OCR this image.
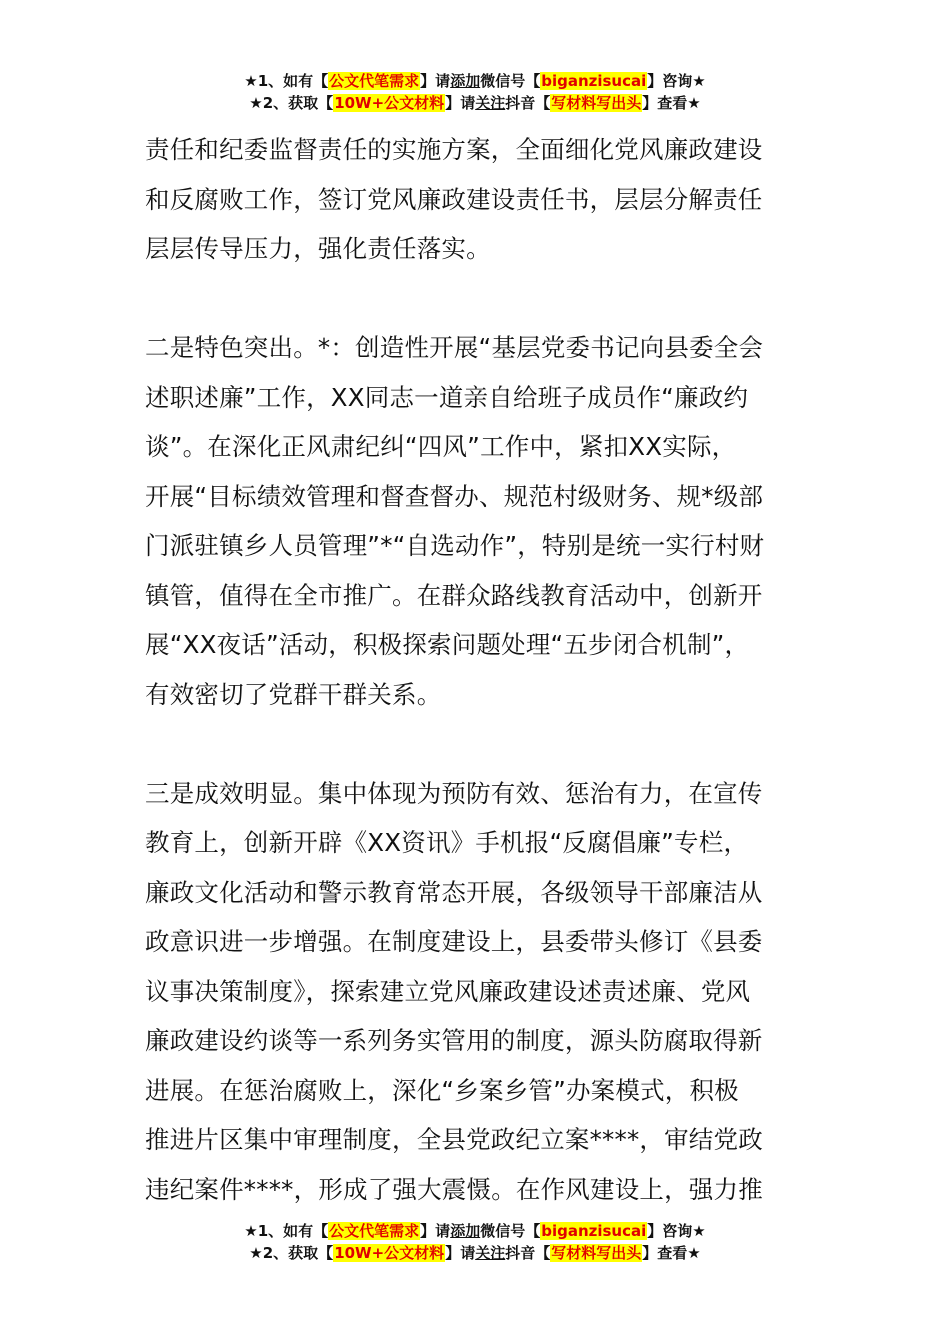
★1、如有【公文代笔需求】请添加微信号【biganzisucai】咨询★
★2、获取【10W+公文材料】请关注抖音【写材料写出头】查看★
责任和纪委监督责任的实施方案，全面细化党风廉政建设
和反腐败工作，签订党风廉政建设责任书，层层分解责任
层层传导压力，强化责任落实。
二是特色突出。*：创造性开展“基层党委书记向县委全会
述职述廉”工作，XX同志一道亲自给班子成员作“廉政约
谈”。在深化正风肃纪纠“四风”工作中，紧扣XX实际，
开展“目标绩效管理和督查督办、规范村级财务、规*级部
门派驻镇乡人员管理”*“自选动作”，特别是统一实行村财
镇管，值得在全市推广。在群众路线教育活动中，创新开
展“XX夜话”活动，积极探索问题处理“五步闭合机制”，
有效密切了党群干群关系。
三是成效明显。集中体现为预防有效、惩治有力，在宣传
教育上，创新开辟《XX资讯》手机报“反腐倡廉”专栏，
廉政文化活动和警示教育常态开展，各级领导干部廉洁从
政意识进一步增强。在制度建设上，县委带头修订《县委
议事决策制度》，探索建立党风廉政建设述责述廉、党风
廉政建设约谈等一系列务实管用的制度，源头防腐取得新
进展。在惩治腐败上，深化“乡案乡管”办案模式，积极
推进片区集中审理制度，全县党政纪立案****，审结党政
违纪案件****，形成了强大震慑。在作风建设上，强力推
★1、如有【公文代笔需求】请添加微信号【biganzisucai】咨询★
★2、获取【10W+公文材料】请关注抖音【写材料写出头】查看★
